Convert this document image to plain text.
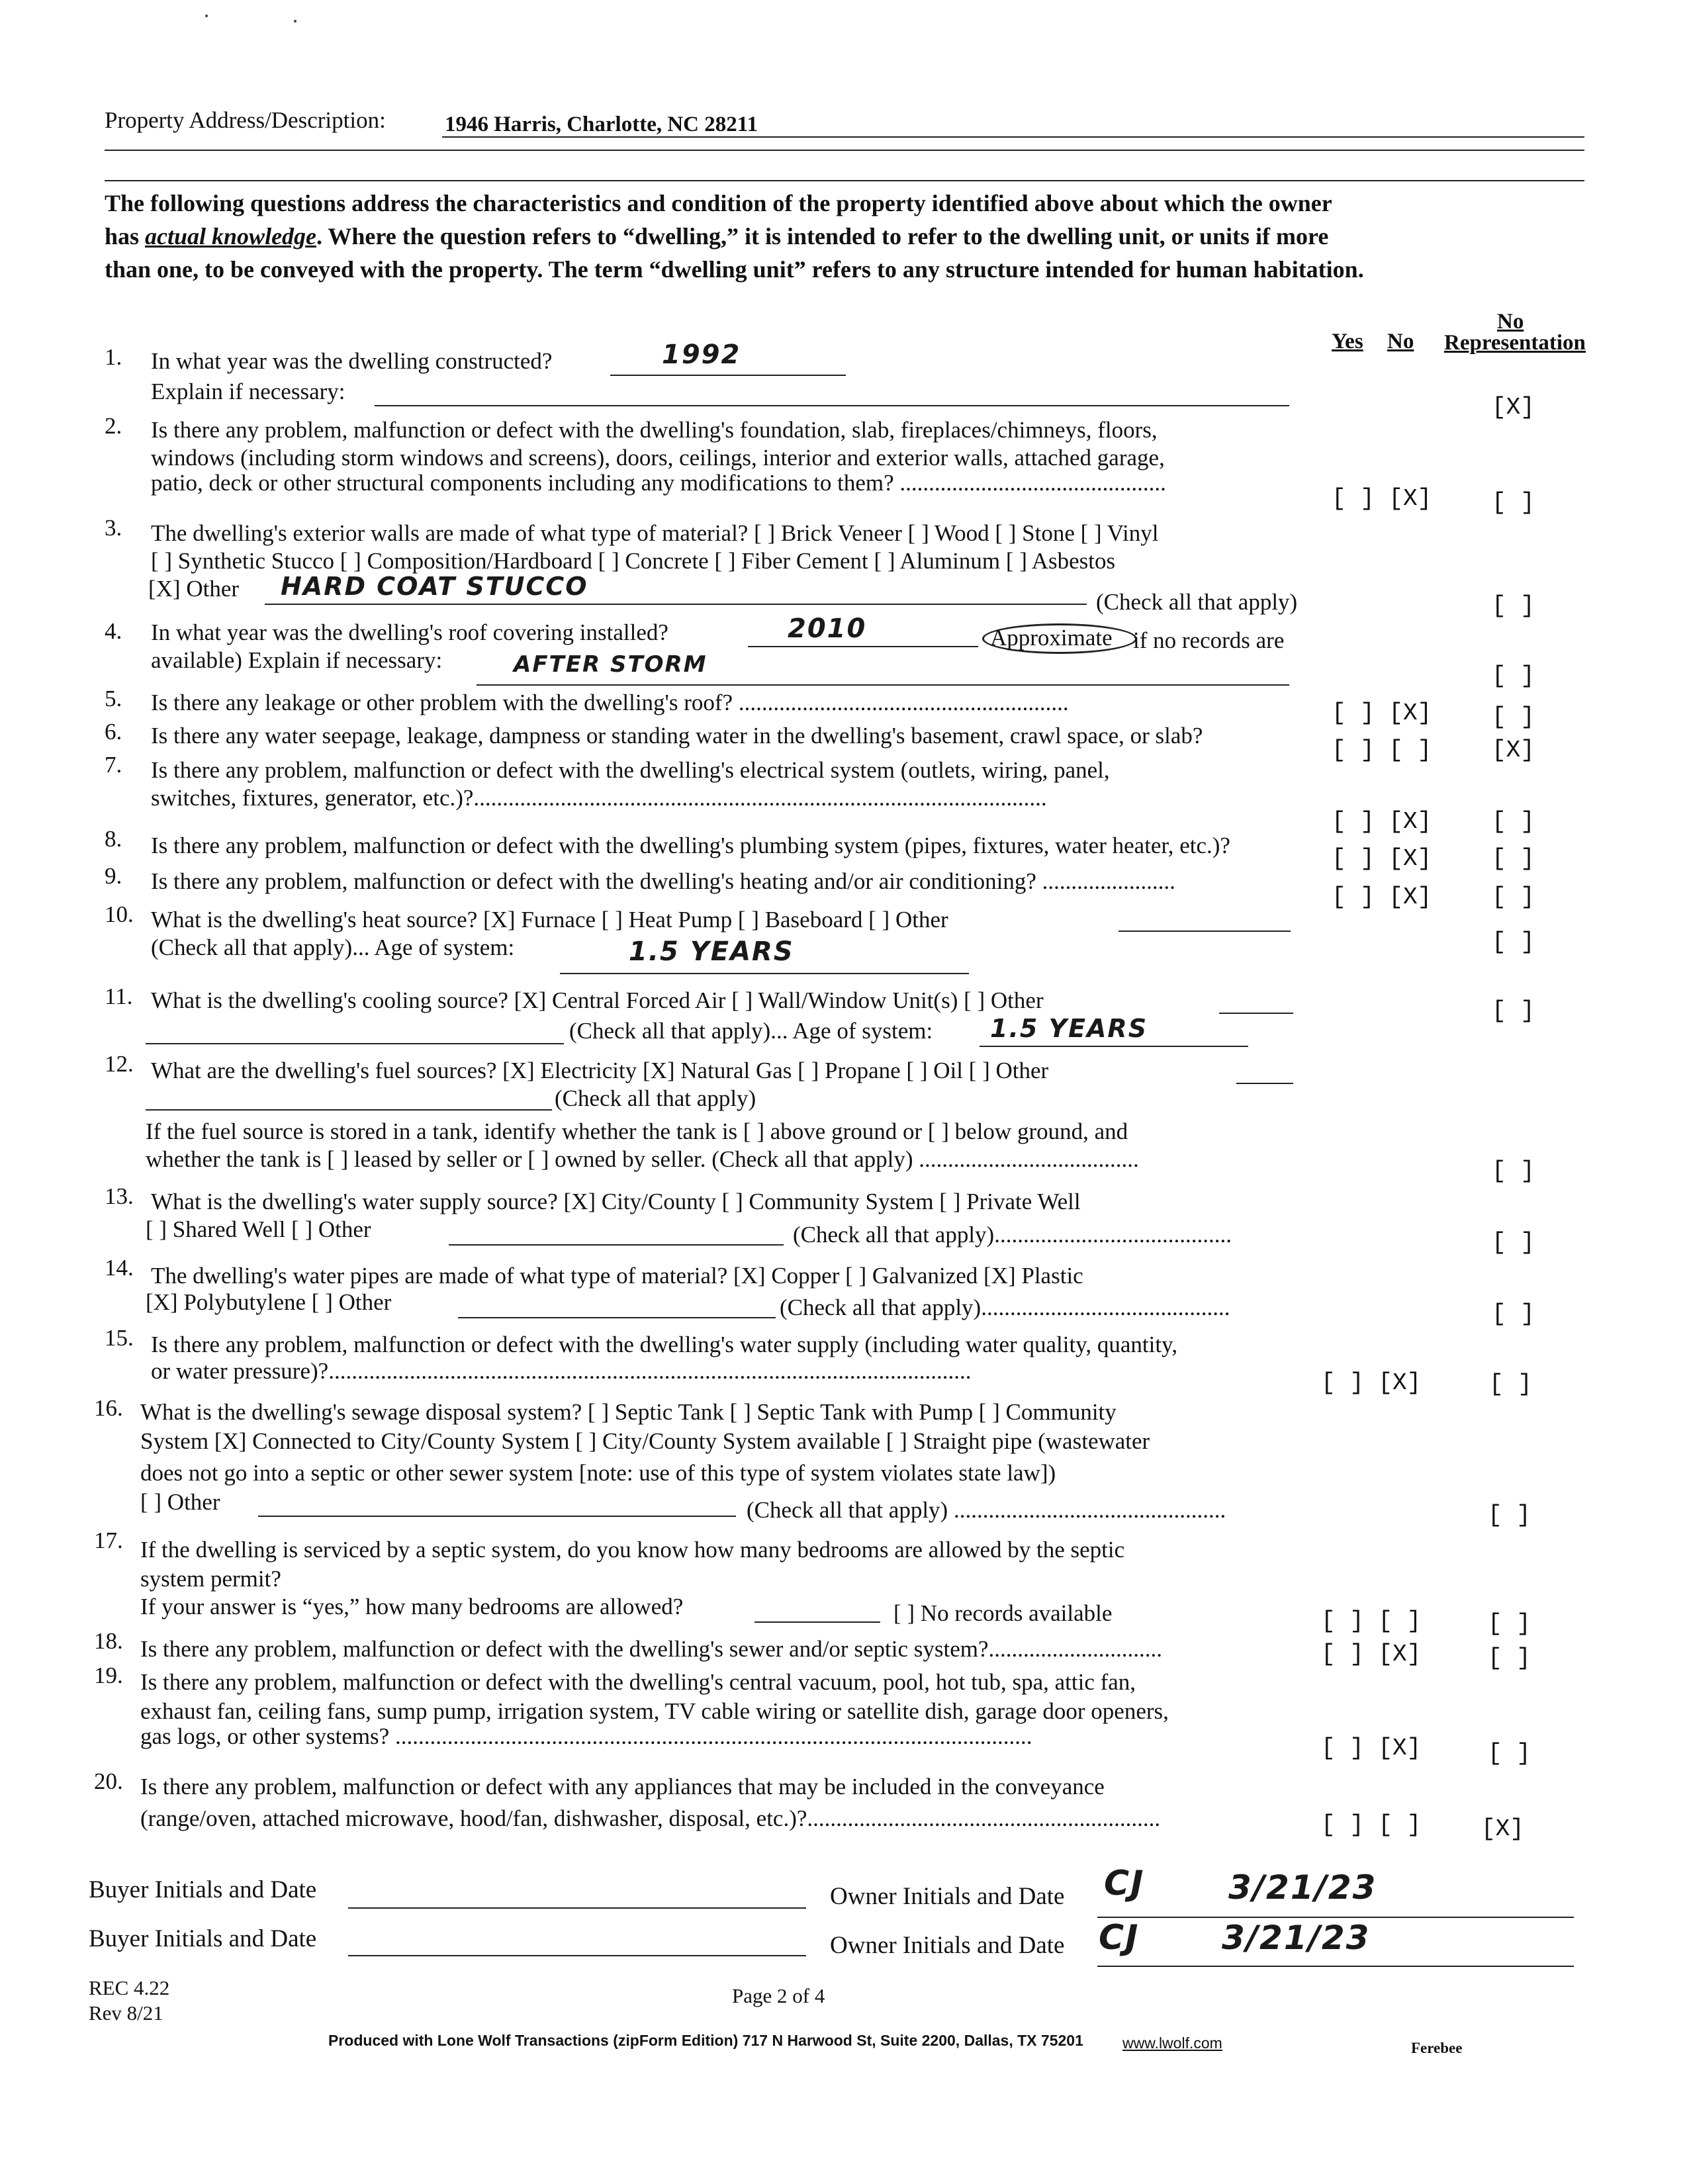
Property Address/Description:	1946 Harris, Charlotte, NC 28211
The following questions address the characteristics and condition of the property identified above about which the owner
has actual knowledge. Where the question refers to “dwelling,” it is intended to refer to the dwelling unit, or units if more
than one, to be conveyed with the property. The term “dwelling unit” refers to any structure intended for human habitation.
Yes No
No
Representation
1. In what year was the dwelling constructed?	1992
Explain if necessary:
[X]
2. Is there any problem, malfunction or defect with the dwelling's foundation, slab, fireplaces/chimneys, floors,
windows (including storm windows and screens), doors, ceilings, interior and exterior walls, attached garage,
patio, deck or other structural components including any modifications to them? ..............................................
[ ] [X]	[ ]
3. The dwelling's exterior walls are made of what type of material? [ ] Brick Veneer [ ] Wood [ ] Stone [ ] Vinyl
[ ] Synthetic Stucco [ ] Composition/Hardboard [ ] Concrete [ ] Fiber Cement [ ] Aluminum [ ] Asbestos
[X] Other HARD COAT STUCCO
(Check all that apply)	[ ]
4. In what year was the dwelling's roof covering installed?	2010	Approximate if no records are
available) Explain if necessary:	AFTER STORM	[ ]
5. Is there any leakage or other problem with the dwelling's roof? .........................................................	[ ] [X]	[ ]
6. Is there any water seepage, leakage, dampness or standing water in the dwelling's basement, crawl space, or slab?
[ ] [ ]	[X]
7. Is there any problem, malfunction or defect with the dwelling's electrical system (outlets, wiring, panel,
switches, fixtures, generator, etc.)?...................................................................................................
[ ] [X]	[ ]
8. Is there any problem, malfunction or defect with the dwelling's plumbing system (pipes, fixtures, water heater, etc.)?	[ ] [X]	[ ]
9. Is there any problem, malfunction or defect with the dwelling's heating and/or air conditioning? .......................
[ ] [X]	[ ]
10. What is the dwelling's heat source? [X] Furnace [ ] Heat Pump [ ] Baseboard [ ] Other
(Check all that apply)... Age of system:	1.5 YEARS	[ ]
11. What is the dwelling's cooling source? [X] Central Forced Air [ ] Wall/Window Unit(s) [ ] Other
(Check all that apply)... Age of system: 1.5 YEARS
[ ]
12. What are the dwelling's fuel sources? [X] Electricity [X] Natural Gas [ ] Propane [ ] Oil [ ] Other
(Check all that apply)
If the fuel source is stored in a tank, identify whether the tank is [ ] above ground or [ ] below ground, and
whether the tank is [ ] leased by seller or [ ] owned by seller. (Check all that apply) ......................................	[ ]
13. What is the dwelling's water supply source? [X] City/County [ ] Community System [ ] Private Well
[ ] Shared Well [ ] Other	(Check all that apply).........................................	[ ]
14. The dwelling's water pipes are made of what type of material? [X] Copper [ ] Galvanized [X] Plastic
[X] Polybutylene [ ] Other	(Check all that apply)...........................................	[ ]
15. Is there any problem, malfunction or defect with the dwelling's water supply (including water quality, quantity,
or water pressure)?...............................................................................................................	[ ] [X]	[ ]
16. What is the dwelling's sewage disposal system? [ ] Septic Tank [ ] Septic Tank with Pump [ ] Community
System [X] Connected to City/County System [ ] City/County System available [ ] Straight pipe (wastewater
does not go into a septic or other sewer system [note: use of this type of system violates state law])
[ ] Other	(Check all that apply) ...............................................	[ ]
17. If the dwelling is serviced by a septic system, do you know how many bedrooms are allowed by the septic
system permit?
If your answer is “yes,” how many bedrooms are allowed?	[ ] No records available	[ ] [ ]	[ ]
18. Is there any problem, malfunction or defect with the dwelling's sewer and/or septic system?..............................	[ ] [X]	[ ]
19. Is there any problem, malfunction or defect with the dwelling's central vacuum, pool, hot tub, spa, attic fan,
exhaust fan, ceiling fans, sump pump, irrigation system, TV cable wiring or satellite dish, garage door openers,
gas logs, or other systems? ..............................................................................................................	[ ] [X]	[ ]
20. Is there any problem, malfunction or defect with any appliances that may be included in the conveyance
(range/oven, attached microwave, hood/fan, dishwasher, disposal, etc.)?.............................................................	[ ] [ ]	[X]
Buyer Initials and Date	Owner Initials and Date CJ	3/21/23
Buyer Initials and Date	Owner Initials and Date CJ 3/21/23
REC 4.22
Rev 8/21
Page 2 of 4
Produced with Lone Wolf Transactions (zipForm Edition) 717 N Harwood St, Suite 2200, Dallas, TX 75201	www.lwolf.com	Ferebee
